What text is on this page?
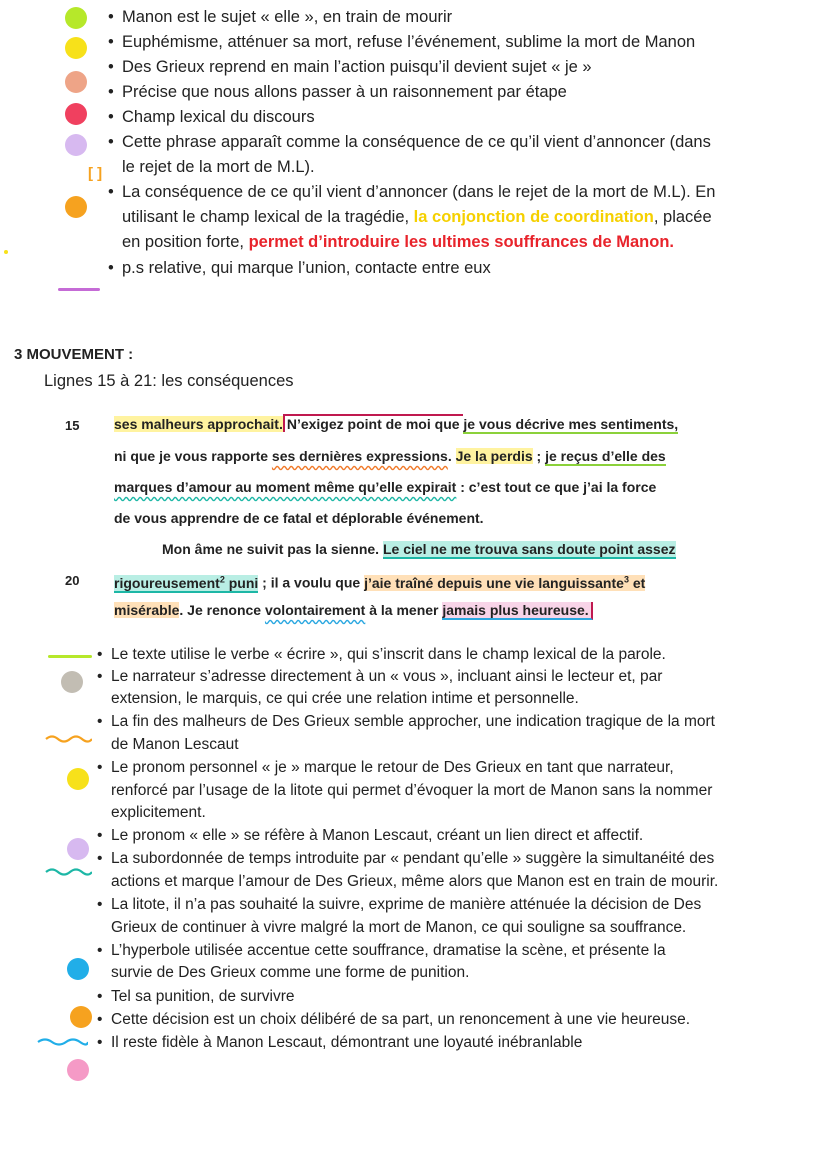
[ ]
• Manon est le sujet « elle », en train de mourir
• Euphémisme, atténuer sa mort, refuse l’événement, sublime la mort de Manon
• Des Grieux reprend en main l’action puisqu’il devient sujet « je »
• Précise que nous allons passer à un raisonnement par étape
• Champ lexical du discours
• Cette phrase apparaît comme la conséquence de ce qu’il vient d’annoncer (dans
le rejet de la mort de M.L).
• La conséquence de ce qu’il vient d’annoncer (dans le rejet de la mort de M.L). En
utilisant le champ lexical de la tragédie, la conjonction de coordination, placée
en position forte, permet d’introduire les ultimes souffrances de Manon.
• p.s relative, qui marque l’union, contacte entre eux
3 MOUVEMENT :
Lignes 15 à 21: les conséquences
15 ses malheurs approchait. N’exigez point de moi que je vous décrive mes sentiments,
ni que je vous rapporte ses dernières expressions. Je la perdis ; je reçus d’elle des
marques d’amour au moment même qu’elle expirait : c’est tout ce que j’ai la force
de vous apprendre de ce fatal et déplorable événement.
Mon âme ne suivit pas la sienne. Le ciel ne me trouva sans doute point assez
20 rigoureusement$^2$ puni ; il a voulu que j’aie traîné depuis une vie languissante$^3$ et
misérable. Je renonce volontairement à la mener jamais plus heureuse.
• Le texte utilise le verbe « écrire », qui s’inscrit dans le champ lexical de la parole.
• Le narrateur s’adresse directement à un « vous », incluant ainsi le lecteur et, par
extension, le marquis, ce qui crée une relation intime et personnelle.
• La fin des malheurs de Des Grieux semble approcher, une indication tragique de la mort
de Manon Lescaut
• Le pronom personnel « je » marque le retour de Des Grieux en tant que narrateur,
renforcé par l’usage de la litote qui permet d’évoquer la mort de Manon sans la nommer
explicitement.
• Le pronom « elle » se réfère à Manon Lescaut, créant un lien direct et affectif.
• La subordonnée de temps introduite par « pendant qu’elle » suggère la simultanéité des
actions et marque l’amour de Des Grieux, même alors que Manon est en train de mourir.
• La litote, il n’a pas souhaité la suivre, exprime de manière atténuée la décision de Des
Grieux de continuer à vivre malgré la mort de Manon, ce qui souligne sa souffrance.
• L’hyperbole utilisée accentue cette souffrance, dramatise la scène, et présente la
survie de Des Grieux comme une forme de punition.
• Tel sa punition, de survivre
• Cette décision est un choix délibéré de sa part, un renoncement à une vie heureuse.
• Il reste fidèle à Manon Lescaut, démontrant une loyauté inébranlable
